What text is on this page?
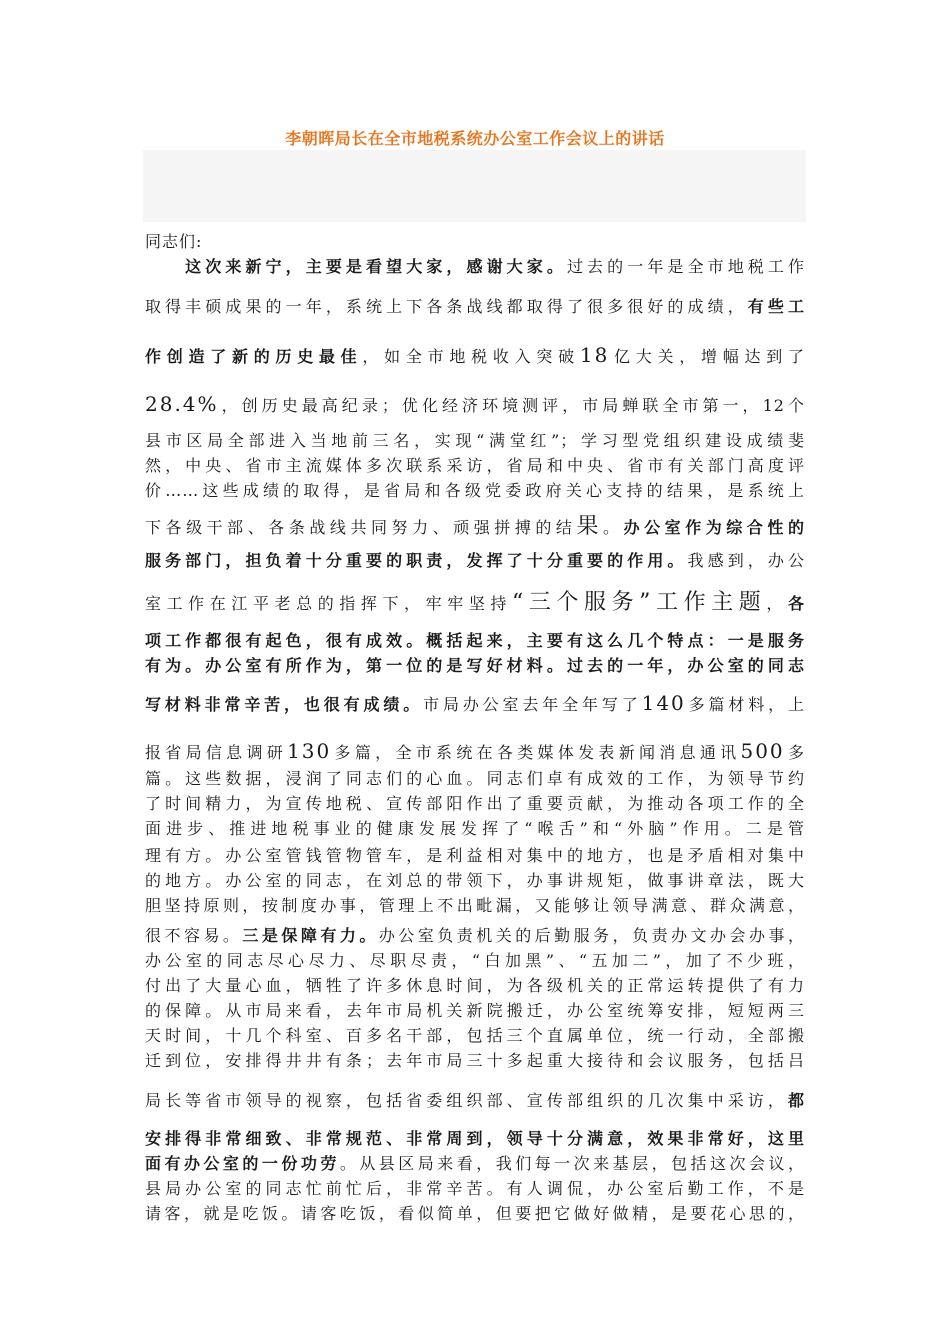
李朝晖局长在全市地税系统办公室工作会议上的讲话
同志们:
　　这次来新宁，主要是看望大家，感谢大家。过去的一年是全市地税工作
取得丰硕成果的一年，系统上下各条战线都取得了很多很好的成绩，有些工
作创造了新的历史最佳，如全市地税收入突破18亿大关，增幅达到了
28.4%，创历史最高纪录；优化经济环境测评，市局蝉联全市第一，12个
县市区局全部进入当地前三名，实现“满堂红”；学习型党组织建设成绩斐
然，中央、省市主流媒体多次联系采访，省局和中央、省市有关部门高度评
价……这些成绩的取得，是省局和各级党委政府关心支持的结果，是系统上
下各级干部、各条战线共同努力、顽强拼搏的结果。办公室作为综合性的
服务部门，担负着十分重要的职责，发挥了十分重要的作用。我感到，办公
室工作在江平老总的指挥下，牢牢坚持“三个服务”工作主题，各
项工作都很有起色，很有成效。概括起来，主要有这么几个特点：一是服务
有为。办公室有所作为，第一位的是写好材料。过去的一年，办公室的同志
写材料非常辛苦，也很有成绩。市局办公室去年全年写了140多篇材料，上
报省局信息调研130多篇，全市系统在各类媒体发表新闻消息通讯500多
篇。这些数据，浸润了同志们的心血。同志们卓有成效的工作，为领导节约
了时间精力，为宣传地税、宣传部阳作出了重要贡献，为推动各项工作的全
面进步、推进地税事业的健康发展发挥了“喉舌”和“外脑”作用。二是管
理有方。办公室管钱管物管车，是利益相对集中的地方，也是矛盾相对集中
的地方。办公室的同志，在刘总的带领下，办事讲规矩，做事讲章法，既大
胆坚持原则，按制度办事，管理上不出毗漏，又能够让领导满意、群众满意，
很不容易。三是保障有力。办公室负责机关的后勤服务，负责办文办会办事，
办公室的同志尽心尽力、尽职尽责，“白加黑”、“五加二”，加了不少班，
付出了大量心血，牺牲了许多休息时间，为各级机关的正常运转提供了有力
的保障。从市局来看，去年市局机关新院搬迁，办公室统筹安排，短短两三
天时间，十几个科室、百多名干部，包括三个直属单位，统一行动，全部搬
迁到位，安排得井井有条；去年市局三十多起重大接待和会议服务，包括吕
局长等省市领导的视察，包括省委组织部、宣传部组织的几次集中采访，都
安排得非常细致、非常规范、非常周到，领导十分满意，效果非常好，这里
面有办公室的一份功劳。从县区局来看，我们每一次来基层，包括这次会议，
县局办公室的同志忙前忙后，非常辛苦。有人调侃，办公室后勤工作，不是
请客，就是吃饭。请客吃饭，看似简单，但要把它做好做精，是要花心思的，
